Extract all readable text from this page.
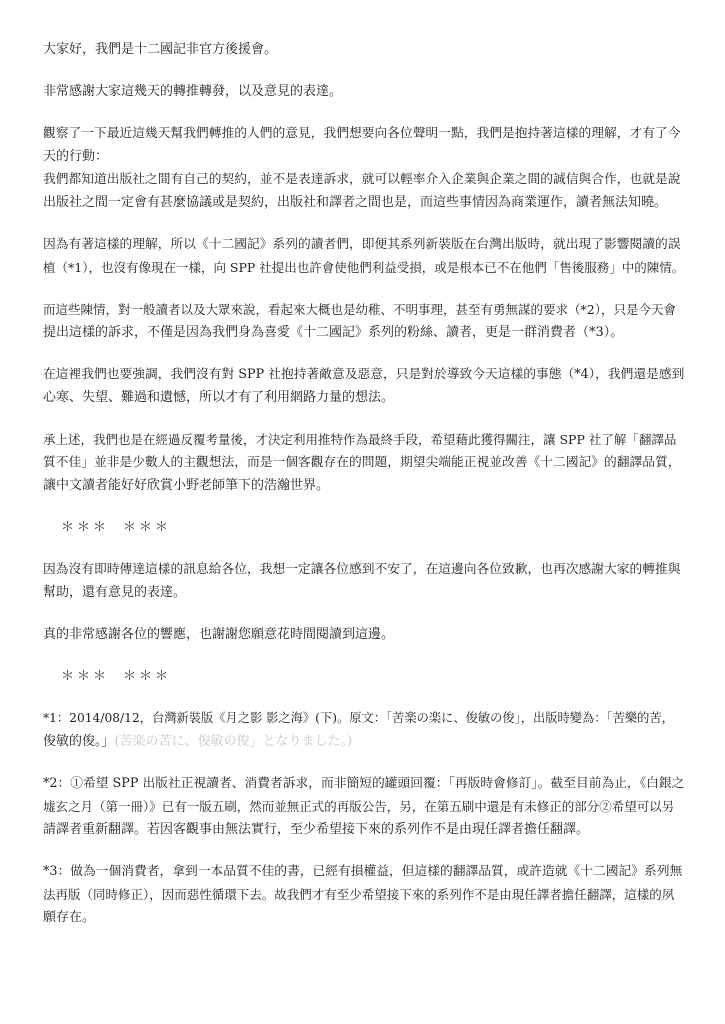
大家好，我們是十二國記非官方後援會。
非常感謝大家這幾天的轉推轉發，以及意見的表達。
觀察了一下最近這幾天幫我們轉推的人們的意見，我們想要向各位聲明一點，我們是抱持著這樣的理解，才有了今
天的行動：
我們都知道出版社之間有自己的契約，並不是表達訴求，就可以輕率介入企業與企業之間的誠信與合作，也就是說
出版社之間一定會有甚麼協議或是契約，出版社和譯者之間也是，而這些事情因為商業運作，讀者無法知曉。
因為有著這樣的理解，所以《十二國記》系列的讀者們，即便其系列新裝版在台灣出版時，就出現了影響閱讀的誤
植（*1），也沒有像現在一樣，向 SPP 社提出也許會使他們利益受損，或是根本已不在他們「售後服務」中的陳情。
而這些陳情，對一般讀者以及大眾來說，看起來大概也是幼稚、不明事理，甚至有勇無謀的要求（*2），只是今天會
提出這樣的訴求，不僅是因為我們身為喜愛《十二國記》系列的粉絲、讀者，更是一群消費者（*3）。
在這裡我們也要強調，我們沒有對 SPP 社抱持著敵意及惡意，只是對於導致今天這樣的事態（*4），我們還是感到
心寒、失望、難過和遺憾，所以才有了利用網路力量的想法。
承上述，我們也是在經過反覆考量後，才決定利用推特作為最終手段，希望藉此獲得關注，讓 SPP 社了解「翻譯品
質不佳」並非是少數人的主觀想法，而是一個客觀存在的問題，期望尖端能正視並改善《十二國記》的翻譯品質，
讓中文讀者能好好欣賞小野老師筆下的浩瀚世界。
＊＊＊ ＊＊＊
因為沒有即時傳達這樣的訊息給各位，我想一定讓各位感到不安了，在這邊向各位致歉，也再次感謝大家的轉推與
幫助，還有意見的表達。
真的非常感謝各位的響應，也謝謝您願意花時間閱讀到這邊。
＊＊＊ ＊＊＊
*1：2014/08/12，台灣新裝版《月之影 影之海》(下)。原文：「苦楽の楽に、俊敏の俊」，出版時變為：「苦樂的苦，
俊敏的俊。」(苦楽の苦に、俊敏の俊」となりました。)
*2：①希望 SPP 出版社正視讀者、消費者訴求，而非簡短的罐頭回覆：「再版時會修訂」。截至目前為止，《白銀之
墟玄之月（第一冊）》已有一版五刷，然而並無正式的再版公告，另，在第五刷中還是有未修正的部分②希望可以另
請譯者重新翻譯。若因客觀事由無法實行，至少希望接下來的系列作不是由現任譯者擔任翻譯。
*3：做為一個消費者，拿到一本品質不佳的書，已經有損權益，但這樣的翻譯品質，或許造就《十二國記》系列無
法再版（同時修正），因而惡性循環下去。故我們才有至少希望接下來的系列作不是由現任譯者擔任翻譯，這樣的夙
願存在。
